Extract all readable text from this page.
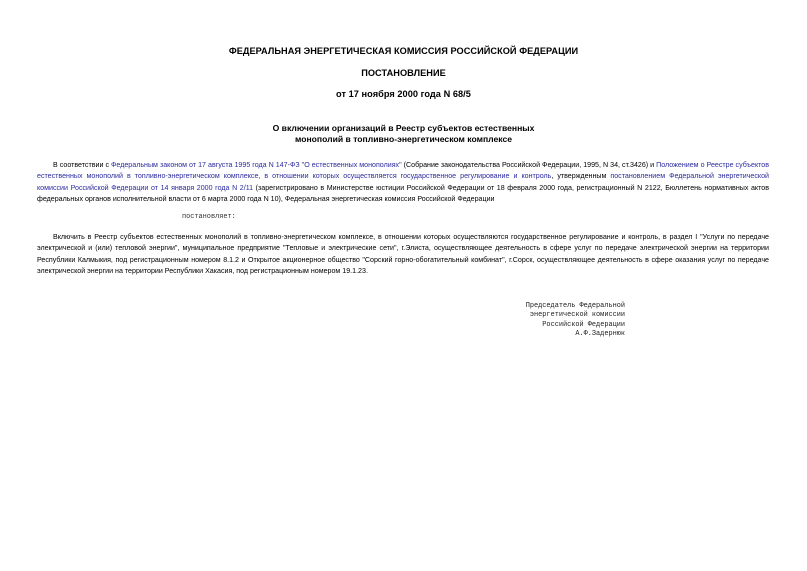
ФЕДЕРАЛЬНАЯ ЭНЕРГЕТИЧЕСКАЯ КОМИССИЯ РОССИЙСКОЙ ФЕДЕРАЦИИ
ПОСТАНОВЛЕНИЕ
от 17 ноября 2000 года N 68/5
О включении организаций в Реестр субъектов естественных
монополий в топливно-энергетическом комплексе
В соответствии с Федеральным законом от 17 августа 1995 года N 147-ФЗ "О естественных монополиях" (Собрание законодательства Российской Федерации, 1995, N 34, ст.3426) и Положением о Реестре субъектов естественных монополий в топливно-энергетическом комплексе, в отношении которых осуществляется государственное регулирование и контроль, утвержденным постановлением Федеральной энергетической комиссии Российской Федерации от 14 января 2000 года N 2/11 (зарегистрировано в Министерстве юстиции Российской Федерации от 18 февраля 2000 года, регистрационный N 2122, Бюллетень нормативных актов федеральных органов исполнительной власти от 6 марта 2000 года N 10), Федеральная энергетическая комиссия Российской Федерации
постановляет:
Включить в Реестр субъектов естественных монополий в топливно-энергетическом комплексе, в отношении которых осуществляются государственное регулирование и контроль, в раздел I "Услуги по передаче электрической и (или) тепловой энергии", муниципальное предприятие "Тепловые и электрические сети", г.Элиста, осуществляющее деятельность в сфере услуг по передаче электрической энергии на территории Республики Калмыкия, под регистрационным номером 8.1.2 и Открытое акционерное общество "Сорский горно-обогатительный комбинат", г.Сорск, осуществляющее деятельность в сфере оказания услуг по передаче электрической энергии на территории Республики Хакасия, под регистрационным номером 19.1.23.
Председатель Федеральной
энергетической комиссии
Российской Федерации
А.Ф.Задернюк
